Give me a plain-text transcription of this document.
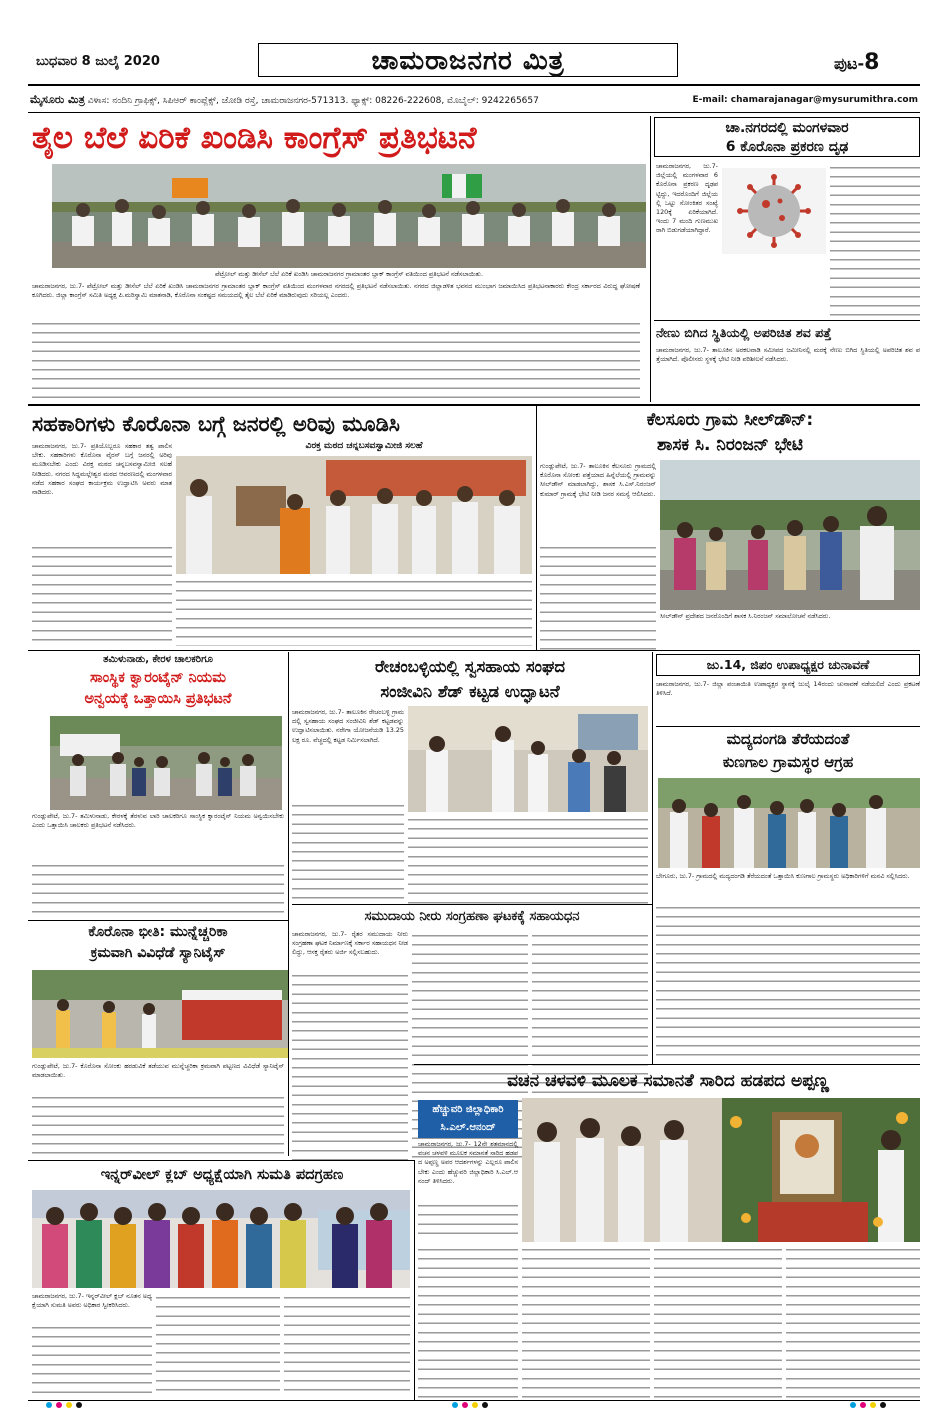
ಬುಧವಾರ 8 ಜುಲೈ 2020	ಚಾಮರಾಜನಗರ ಮಿತ್ರ	ಪುಟ-8
ಮೈಸೂರು ಮಿತ್ರ ವಿಳಾಸ: ನಂದಿನಿ ಗ್ರಾಫಿಕ್ಸ್, ಸಿಪಿಆರ್ ಕಾಂಪ್ಲೆಕ್ಸ್, ಜೋಡಿ ರಸ್ತೆ, ಚಾಮರಾಜನಗರ-571313. ಫ್ಯಾಕ್ಸ್: 08226-222608, ಮೊಬೈಲ್: 9242265657	E-mail: chamarajanagar@mysurumithra.com
ತೈಲ ಬೆಲೆ ಏರಿಕೆ ಖಂಡಿಸಿ ಕಾಂಗ್ರೆಸ್ ಪ್ರತಿಭಟನೆ
ಪೆಟ್ರೋಲ್ ಮತ್ತು ಡೀಸೆಲ್ ಬೆಲೆ ಏರಿಕೆ ಖಂಡಿಸಿ ಚಾಮರಾಜನಗರ ಗ್ರಾಮಾಂತರ ಬ್ಲಾಕ್ ಕಾಂಗ್ರೆಸ್ ವತಿಯಿಂದ ಪ್ರತಿಭಟನೆ ನಡೆಸಲಾಯಿತು.
ಚಾಮರಾಜನಗರ, ಜು.7- ಪೆಟ್ರೋಲ್ ಮತ್ತು ಡೀಸೆಲ್ ಬೆಲೆ ಏರಿಕೆ ಖಂಡಿಸಿ ಚಾಮರಾಜನಗರ ಗ್ರಾಮಾಂತರ ಬ್ಲಾಕ್ ಕಾಂಗ್ರೆಸ್ ವತಿಯಿಂದ ಮಂಗಳವಾರ ನಗರದಲ್ಲಿ ಪ್ರತಿಭಟನೆ ನಡೆಸಲಾಯಿತು. ನಗರದ ಜಿಲ್ಲಾಡಳಿತ ಭವನದ ಮುಂಭಾಗ ಜಮಾಯಿಸಿದ ಪ್ರತಿಭಟನಾಕಾರರು ಕೇಂದ್ರ ಸರ್ಕಾರದ ವಿರುದ್ಧ ಘೋಷಣೆ ಕೂಗಿದರು. ಜಿಲ್ಲಾ ಕಾಂಗ್ರೆಸ್ ಸಮಿತಿ ಅಧ್ಯಕ್ಷ ಪಿ.ಮರಿಸ್ವಾಮಿ ಮಾತನಾಡಿ, ಕೊರೊನಾ ಸಂಕಷ್ಟದ ಸಮಯದಲ್ಲಿ ತೈಲ ಬೆಲೆ ಏರಿಕೆ ಮಾಡಿರುವುದು ಸರಿಯಲ್ಲ ಎಂದರು.
ಚಾ.ನಗರದಲ್ಲಿ ಮಂಗಳವಾರ
6 ಕೊರೊನಾ ಪ್ರಕರಣ ದೃಢ
ಚಾಮರಾಜನಗರ, ಜು.7- ಜಿಲ್ಲೆಯಲ್ಲಿ ಮಂಗಳವಾರ 6 ಕೊರೊನಾ ಪ್ರಕರಣ ದೃಢಪಟ್ಟಿದ್ದು, ಇದರೊಂದಿಗೆ ಜಿಲ್ಲೆಯಲ್ಲಿ ಒಟ್ಟು ಸೋಂಕಿತರ ಸಂಖ್ಯೆ 120ಕ್ಕೆ ಏರಿಕೆಯಾಗಿದೆ. ಇಂದು 7 ಮಂದಿ ಗುಣಮುಖರಾಗಿ ಬಿಡುಗಡೆಯಾಗಿದ್ದಾರೆ.
ನೇಣು ಬಿಗಿದ ಸ್ಥಿತಿಯಲ್ಲಿ ಅಪರಿಚಿತ ಶವ ಪತ್ತೆ
ಚಾಮರಾಜನಗರ, ಜು.7- ತಾಲೂಕಿನ ಅರಕಲವಾಡಿ ಸಮೀಪದ ಜಮೀನಿನಲ್ಲಿ ಮರಕ್ಕೆ ನೇಣು ಬಿಗಿದ ಸ್ಥಿತಿಯಲ್ಲಿ ಅಪರಿಚಿತ ಶವ ಪತ್ತೆಯಾಗಿದೆ. ಪೊಲೀಸರು ಸ್ಥಳಕ್ಕೆ ಭೇಟಿ ನೀಡಿ ಪರಿಶೀಲನೆ ನಡೆಸಿದರು.
ಸಹಕಾರಿಗಳು ಕೊರೊನಾ ಬಗ್ಗೆ ಜನರಲ್ಲಿ ಅರಿವು ಮೂಡಿಸಿ
ವಿರಕ್ತ ಮಠದ ಚನ್ನಬಸವಸ್ವಾಮೀಜಿ ಸಲಹೆ
ಚಾಮರಾಜನಗರ, ಜು.7- ಪ್ರತಿಯೊಬ್ಬರೂ ಸಹಕಾರ ತತ್ವ ಪಾಲಿಸಬೇಕು. ಸಹಕಾರಿಗಳು ಕೊರೊನಾ ವೈರಸ್ ಬಗ್ಗೆ ಜನರಲ್ಲಿ ಅರಿವು ಮೂಡಿಸಬೇಕು ಎಂದು ವಿರಕ್ತ ಮಠದ ಚನ್ನಬಸವಸ್ವಾಮೀಜಿ ಸಲಹೆ ನೀಡಿದರು. ನಗರದ ಸಿದ್ಧಮಲ್ಲೇಶ್ವರ ಮಠದ ಆವರಣದಲ್ಲಿ ಮಂಗಳವಾರ ನಡೆದ ಸಹಕಾರ ಸಂಘದ ಕಾರ್ಯಕ್ರಮ ಉದ್ಘಾಟಿಸಿ ಅವರು ಮಾತನಾಡಿದರು.
ಕೆಲಸೂರು ಗ್ರಾಮ ಸೀಲ್‌ಡೌನ್:
ಶಾಸಕ ಸಿ. ನಿರಂಜನ್ ಭೇಟಿ
ಗುಂಡ್ಲುಪೇಟೆ, ಜು.7- ತಾಲೂಕಿನ ಕೆಲಸೂರು ಗ್ರಾಮದಲ್ಲಿ ಕೊರೊನಾ ಸೋಂಕು ಪತ್ತೆಯಾದ ಹಿನ್ನೆಲೆಯಲ್ಲಿ ಗ್ರಾಮವನ್ನು ಸೀಲ್‌ಡೌನ್ ಮಾಡಲಾಗಿದ್ದು, ಶಾಸಕ ಸಿ.ಎಸ್.ನಿರಂಜನ್ ಕುಮಾರ್ ಗ್ರಾಮಕ್ಕೆ ಭೇಟಿ ನೀಡಿ ಜನರ ಸಮಸ್ಯೆ ಆಲಿಸಿದರು.
ಸೀಲ್‌ಡೌನ್ ಪ್ರದೇಶದ ಜನರೊಂದಿಗೆ ಶಾಸಕ ಸಿ.ನಿರಂಜನ್ ಸಮಾಲೋಚನೆ ನಡೆಸಿದರು.
ತಮಿಳುನಾಡು, ಕೇರಳ ಚಾಲಕರಿಗೂ
ಸಾಂಸ್ಥಿಕ ಕ್ವಾರಂಟೈನ್ ನಿಯಮ
ಅನ್ವಯಕ್ಕೆ ಒತ್ತಾಯಿಸಿ ಪ್ರತಿಭಟನೆ
ಗುಂಡ್ಲುಪೇಟೆ, ಜು.7- ತಮಿಳುನಾಡು, ಕೇರಳಕ್ಕೆ ತೆರಳುವ ಲಾರಿ ಚಾಲಕರಿಗೂ ಸಾಂಸ್ಥಿಕ ಕ್ವಾರಂಟೈನ್ ನಿಯಮ ಅನ್ವಯಿಸಬೇಕು ಎಂದು ಒತ್ತಾಯಿಸಿ ಚಾಲಕರು ಪ್ರತಿಭಟನೆ ನಡೆಸಿದರು.
ರೇಚಂಬಳ್ಳಿಯಲ್ಲಿ ಸ್ವಸಹಾಯ ಸಂಘದ
ಸಂಜೀವಿನಿ ಶೆಡ್ ಕಟ್ಟಡ ಉದ್ಘಾಟನೆ
ಚಾಮರಾಜನಗರ, ಜು.7- ತಾಲೂಕಿನ ರೇಚಂಬಳ್ಳಿ ಗ್ರಾಮದಲ್ಲಿ ಸ್ವಸಹಾಯ ಸಂಘದ ಸಂಜೀವಿನಿ ಶೆಡ್ ಕಟ್ಟಡವನ್ನು ಉದ್ಘಾಟಿಸಲಾಯಿತು. ನರೇಗಾ ಯೋಜನೆಯಡಿ 13.25 ಲಕ್ಷ ರೂ. ವೆಚ್ಚದಲ್ಲಿ ಕಟ್ಟಡ ನಿರ್ಮಿಸಲಾಗಿದೆ.
ಜು.14, ಜಿಪಂ ಉಪಾಧ್ಯಕ್ಷರ ಚುನಾವಣೆ
ಚಾಮರಾಜನಗರ, ಜು.7- ಜಿಲ್ಲಾ ಪಂಚಾಯಿತಿ ಉಪಾಧ್ಯಕ್ಷರ ಸ್ಥಾನಕ್ಕೆ ಜುಲೈ 14ರಂದು ಚುನಾವಣೆ ನಡೆಯಲಿದೆ ಎಂದು ಪ್ರಕಟಣೆ ತಿಳಿಸಿದೆ.
ಮದ್ಯದಂಗಡಿ ತೆರೆಯದಂತೆ
ಕುಣಗಾಲ ಗ್ರಾಮಸ್ಥರ ಆಗ್ರಹ
ಬೇಗೂರು, ಜು.7- ಗ್ರಾಮದಲ್ಲಿ ಮದ್ಯದಂಗಡಿ ತೆರೆಯದಂತೆ ಒತ್ತಾಯಿಸಿ ಕುಣಗಾಲ ಗ್ರಾಮಸ್ಥರು ಅಧಿಕಾರಿಗಳಿಗೆ ಮನವಿ ಸಲ್ಲಿಸಿದರು.
ಕೊರೊನಾ ಭೀತಿ: ಮುನ್ನೆಚ್ಚರಿಕಾ
ಕ್ರಮವಾಗಿ ವಿವಿಧೆಡೆ ಸ್ಯಾನಿಟೈಸ್
ಗುಂಡ್ಲುಪೇಟೆ, ಜು.7- ಕೊರೊನಾ ಸೋಂಕು ಹರಡುವಿಕೆ ತಡೆಯುವ ಮುನ್ನೆಚ್ಚರಿಕಾ ಕ್ರಮವಾಗಿ ಪಟ್ಟಣದ ವಿವಿಧೆಡೆ ಸ್ಯಾನಿಟೈಸ್ ಮಾಡಲಾಯಿತು.
ಸಮುದಾಯ ನೀರು ಸಂಗ್ರಹಣಾ ಘಟಕಕ್ಕೆ ಸಹಾಯಧನ
ಚಾಮರಾಜನಗರ, ಜು.7- ರೈತರ ಸಮುದಾಯ ನೀರು ಸಂಗ್ರಹಣಾ ಘಟಕ ನಿರ್ಮಾಣಕ್ಕೆ ಸರ್ಕಾರ ಸಹಾಯಧನ ನೀಡಲಿದ್ದು, ಆಸಕ್ತ ರೈತರು ಅರ್ಜಿ ಸಲ್ಲಿಸಬಹುದು.
ವಚನ ಚಳವಳಿ ಮೂಲಕ ಸಮಾನತೆ ಸಾರಿದ ಹಡಪದ ಅಪ್ಪಣ್ಣ
ಹೆಚ್ಚುವರಿ ಜಿಲ್ಲಾಧಿಕಾರಿ
ಸಿ.ಎಲ್.ಆನಂದ್
ಚಾಮರಾಜನಗರ, ಜು.7- 12ನೇ ಶತಮಾನದಲ್ಲಿ ವಚನ ಚಳವಳಿ ಮೂಲಕ ಸಮಾನತೆ ಸಾರಿದ ಹಡಪದ ಅಪ್ಪಣ್ಣ ಅವರ ಆದರ್ಶಗಳನ್ನು ಎಲ್ಲರೂ ಪಾಲಿಸಬೇಕು ಎಂದು ಹೆಚ್ಚುವರಿ ಜಿಲ್ಲಾಧಿಕಾರಿ ಸಿ.ಎಲ್.ಆನಂದ್ ತಿಳಿಸಿದರು.
ಇನ್ನರ್‌ವೀಲ್ ಕ್ಲಬ್ ಅಧ್ಯಕ್ಷೆಯಾಗಿ ಸುಮತಿ ಪದಗ್ರಹಣ
ಚಾಮರಾಜನಗರ, ಜು.7- ಇನ್ನರ್‌ವೀಲ್ ಕ್ಲಬ್ ನೂತನ ಅಧ್ಯಕ್ಷೆಯಾಗಿ ಸುಮತಿ ಅವರು ಅಧಿಕಾರ ಸ್ವೀಕರಿಸಿದರು.
